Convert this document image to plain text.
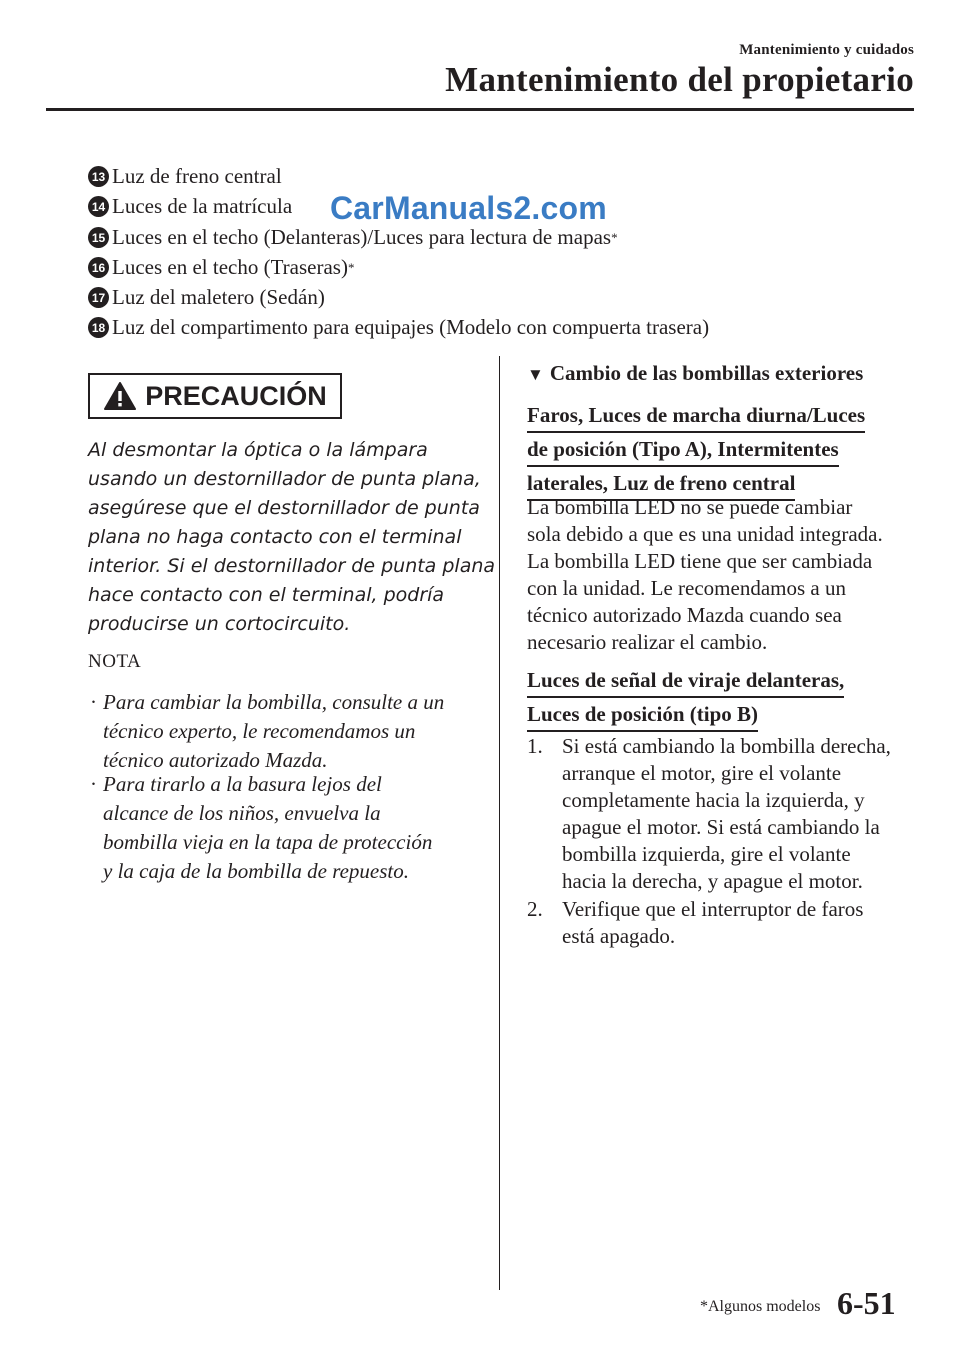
Mantenimiento y cuidados
Mantenimiento del propietario
13 Luz de freno central
14 Luces de la matrícula
15 Luces en el techo (Delanteras)/Luces para lectura de mapas *
16 Luces en el techo (Traseras) *
17 Luz del maletero (Sedán)
18 Luz del compartimento para equipajes (Modelo con compuerta trasera)
CarManuals2.com
PRECAUCIÓN

Al desmontar la óptica o la lámpara

usando un destornillador de punta plana,

asegúrese que el destornillador de punta

plana no haga contacto con el terminal

interior. Si el destornillador de punta plana

hace contacto con el terminal, podría

producirse un cortocircuito.

NOTA
· Para cambiar la bombilla, consulte a un

técnico experto, le recomendamos un

técnico autorizado Mazda.

· Para tirarlo a la basura lejos del

alcance de los niños, envuelva la

bombilla vieja en la tapa de protección

y la caja de la bombilla de repuesto.

▼ Cambio de las bombillas exteriores
Faros, Luces de marcha diurna/Luces
de posición (Tipo A), Intermitentes
laterales, Luz de freno central

La bombilla LED no se puede cambiar

sola debido a que es una unidad integrada.

La bombilla LED tiene que ser cambiada

con la unidad. Le recomendamos a un

técnico autorizado Mazda cuando sea

necesario realizar el cambio.

Luces de señal de viraje delanteras,
Luces de posición (tipo B)
1. Si está cambiando la bombilla derecha,

arranque el motor, gire el volante

completamente hacia la izquierda, y

apague el motor. Si está cambiando la

bombilla izquierda, gire el volante

hacia la derecha, y apague el motor.

2. Verifique que el interruptor de faros

está apagado.

*Algunos modelos 6-51
